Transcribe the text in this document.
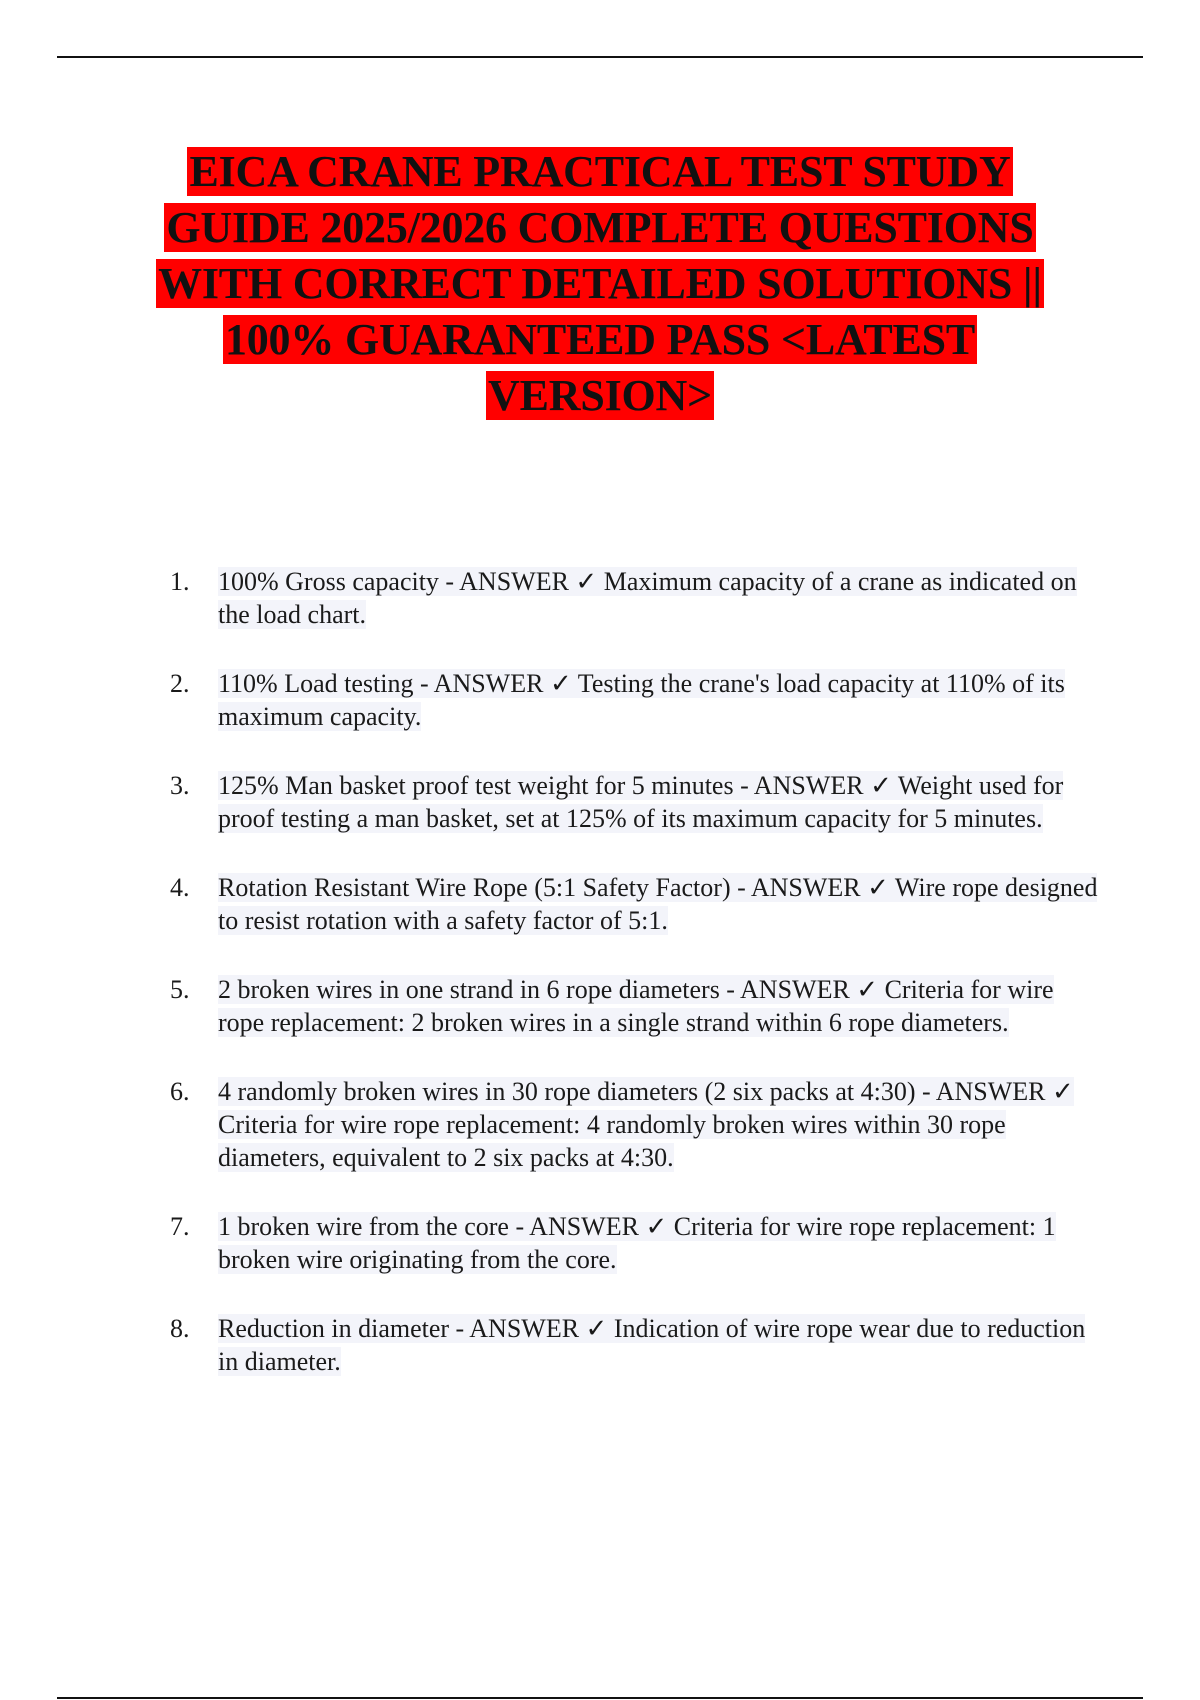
EICA CRANE PRACTICAL TEST STUDY GUIDE 2025/2026 COMPLETE QUESTIONS WITH CORRECT DETAILED SOLUTIONS || 100% GUARANTEED PASS <LATEST VERSION>
1.	100% Gross capacity - ANSWER ✓ Maximum capacity of a crane as indicated on the load chart.
2.	110% Load testing - ANSWER ✓ Testing the crane's load capacity at 110% of its maximum capacity.
3.	125% Man basket proof test weight for 5 minutes - ANSWER ✓ Weight used for proof testing a man basket, set at 125% of its maximum capacity for 5 minutes.
4.	Rotation Resistant Wire Rope (5:1 Safety Factor) - ANSWER ✓ Wire rope designed to resist rotation with a safety factor of 5:1.
5.	2 broken wires in one strand in 6 rope diameters - ANSWER ✓ Criteria for wire rope replacement: 2 broken wires in a single strand within 6 rope diameters.
6.	4 randomly broken wires in 30 rope diameters (2 six packs at 4:30) - ANSWER ✓ Criteria for wire rope replacement: 4 randomly broken wires within 30 rope diameters, equivalent to 2 six packs at 4:30.
7.	1 broken wire from the core - ANSWER ✓ Criteria for wire rope replacement: 1 broken wire originating from the core.
8.	Reduction in diameter - ANSWER ✓ Indication of wire rope wear due to reduction in diameter.
